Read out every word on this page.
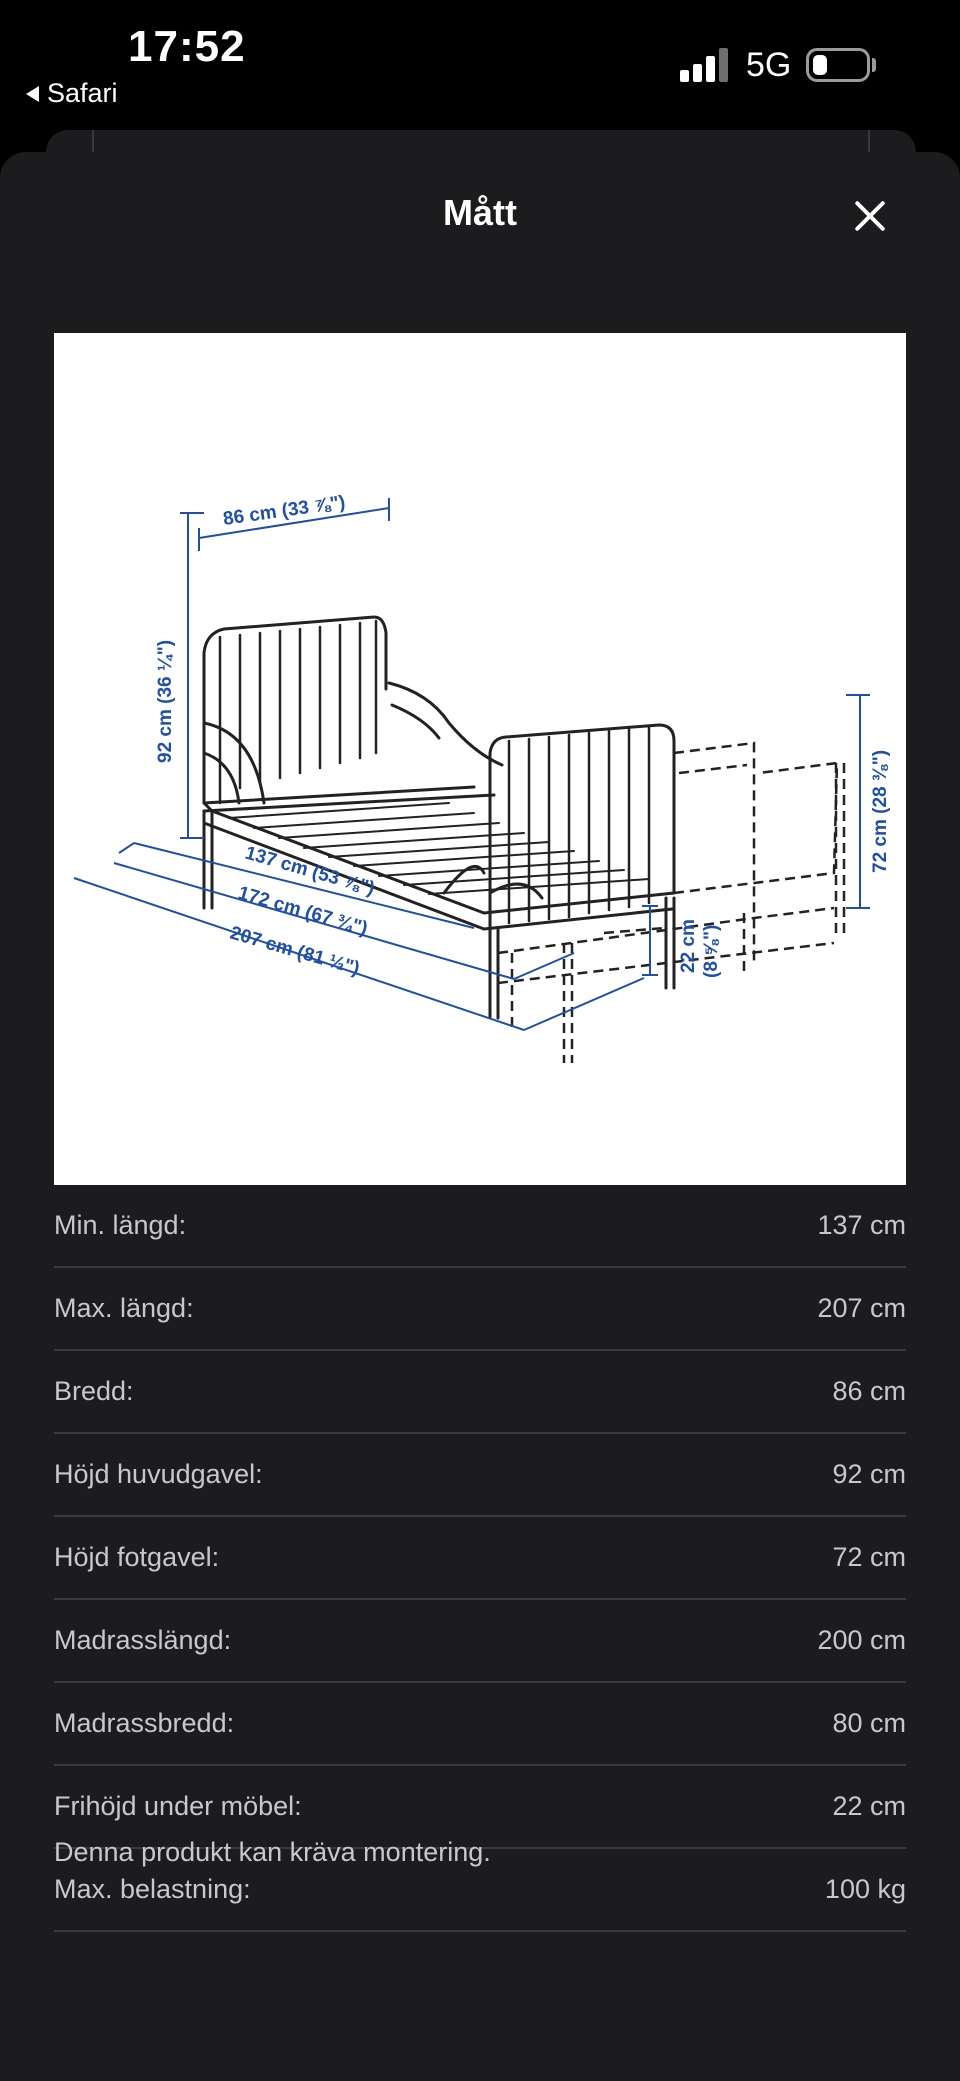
17:52
Safari
5G
Mått
86 cm (33 ⅞")
92 cm (36 ¼")
72 cm (28 ⅜")
22 cm (8 ⅝")
137 cm (53 ⅞")
172 cm (67 ¾")
207 cm (81 ½")
Min. längd:	137 cm
Max. längd:	207 cm
Bredd:	86 cm
Höjd huvudgavel:	92 cm
Höjd fotgavel:	72 cm
Madrasslängd:	200 cm
Madrassbredd:	80 cm
Frihöjd under möbel:	22 cm
Max. belastning:	100 kg
Denna produkt kan kräva montering.
